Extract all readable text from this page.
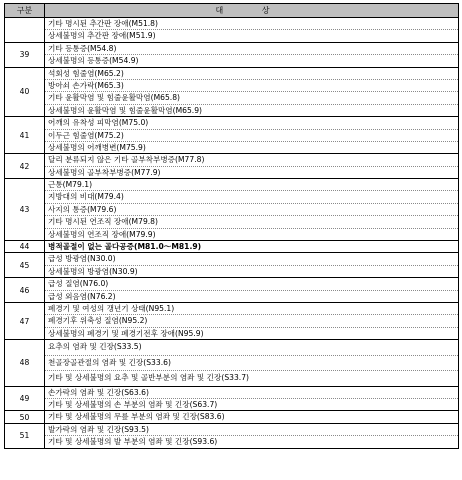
구분	대 상

	기타 명시된 추간판 장애(M51.8)
상세불명의 추간판 장애(M51.9)

39	기타 등통증(M54.8)
상세불명의 등통증(M54.9)

40	석회성 힘줄염(M65.2)
방아쇠 손가락(M65.3)
기타 윤활막염 및 힘줄윤활막염(M65.8)
상세불명의 윤활막염 및 힘줄윤활막염(M65.9)

41	어깨의 유착성 피막염(M75.0)
이두근 힘줄염(M75.2)
상세불명의 어깨병변(M75.9)

42	달리 분류되지 않은 기타 골부착부병증(M77.8)
상세불명의 골부착부병증(M77.9)

43	근통(M79.1)
지방대의 비대(M79.4)
사지의 통증(M79.6)
기타 명시된 연조직 장애(M79.8)
상세불명의 연조직 장애(M79.9)

44	병적골절이 없는 골다공증(M81.0～M81.9)

45	급성 방광염(N30.0)
상세불명의 방광염(N30.9)

46	급성 질염(N76.0)
급성 외음염(N76.2)

47	폐경기 및 여성의 갱년기 상태(N95.1)
폐경기후 위축성 질염(N95.2)
상세불명의 폐경기 및 폐경기전후 장애(N95.9)

48	요추의 염좌 및 긴장(S33.5)
천골장골관절의 염좌 및 긴장(S33.6)
기타 및 상세불명의 요추 및 골반부분의 염좌 및 긴장(S33.7)

49	손가락의 염좌 및 긴장(S63.6)
기타 및 상세불명의 손 부분의 염좌 및 긴장(S63.7)

50	기타 및 상세불명의 무릎 부분의 염좌 및 긴장(S83.6)

51	발가락의 염좌 및 긴장(S93.5)
기타 및 상세불명의 발 부분의 염좌 및 긴장(S93.6)
